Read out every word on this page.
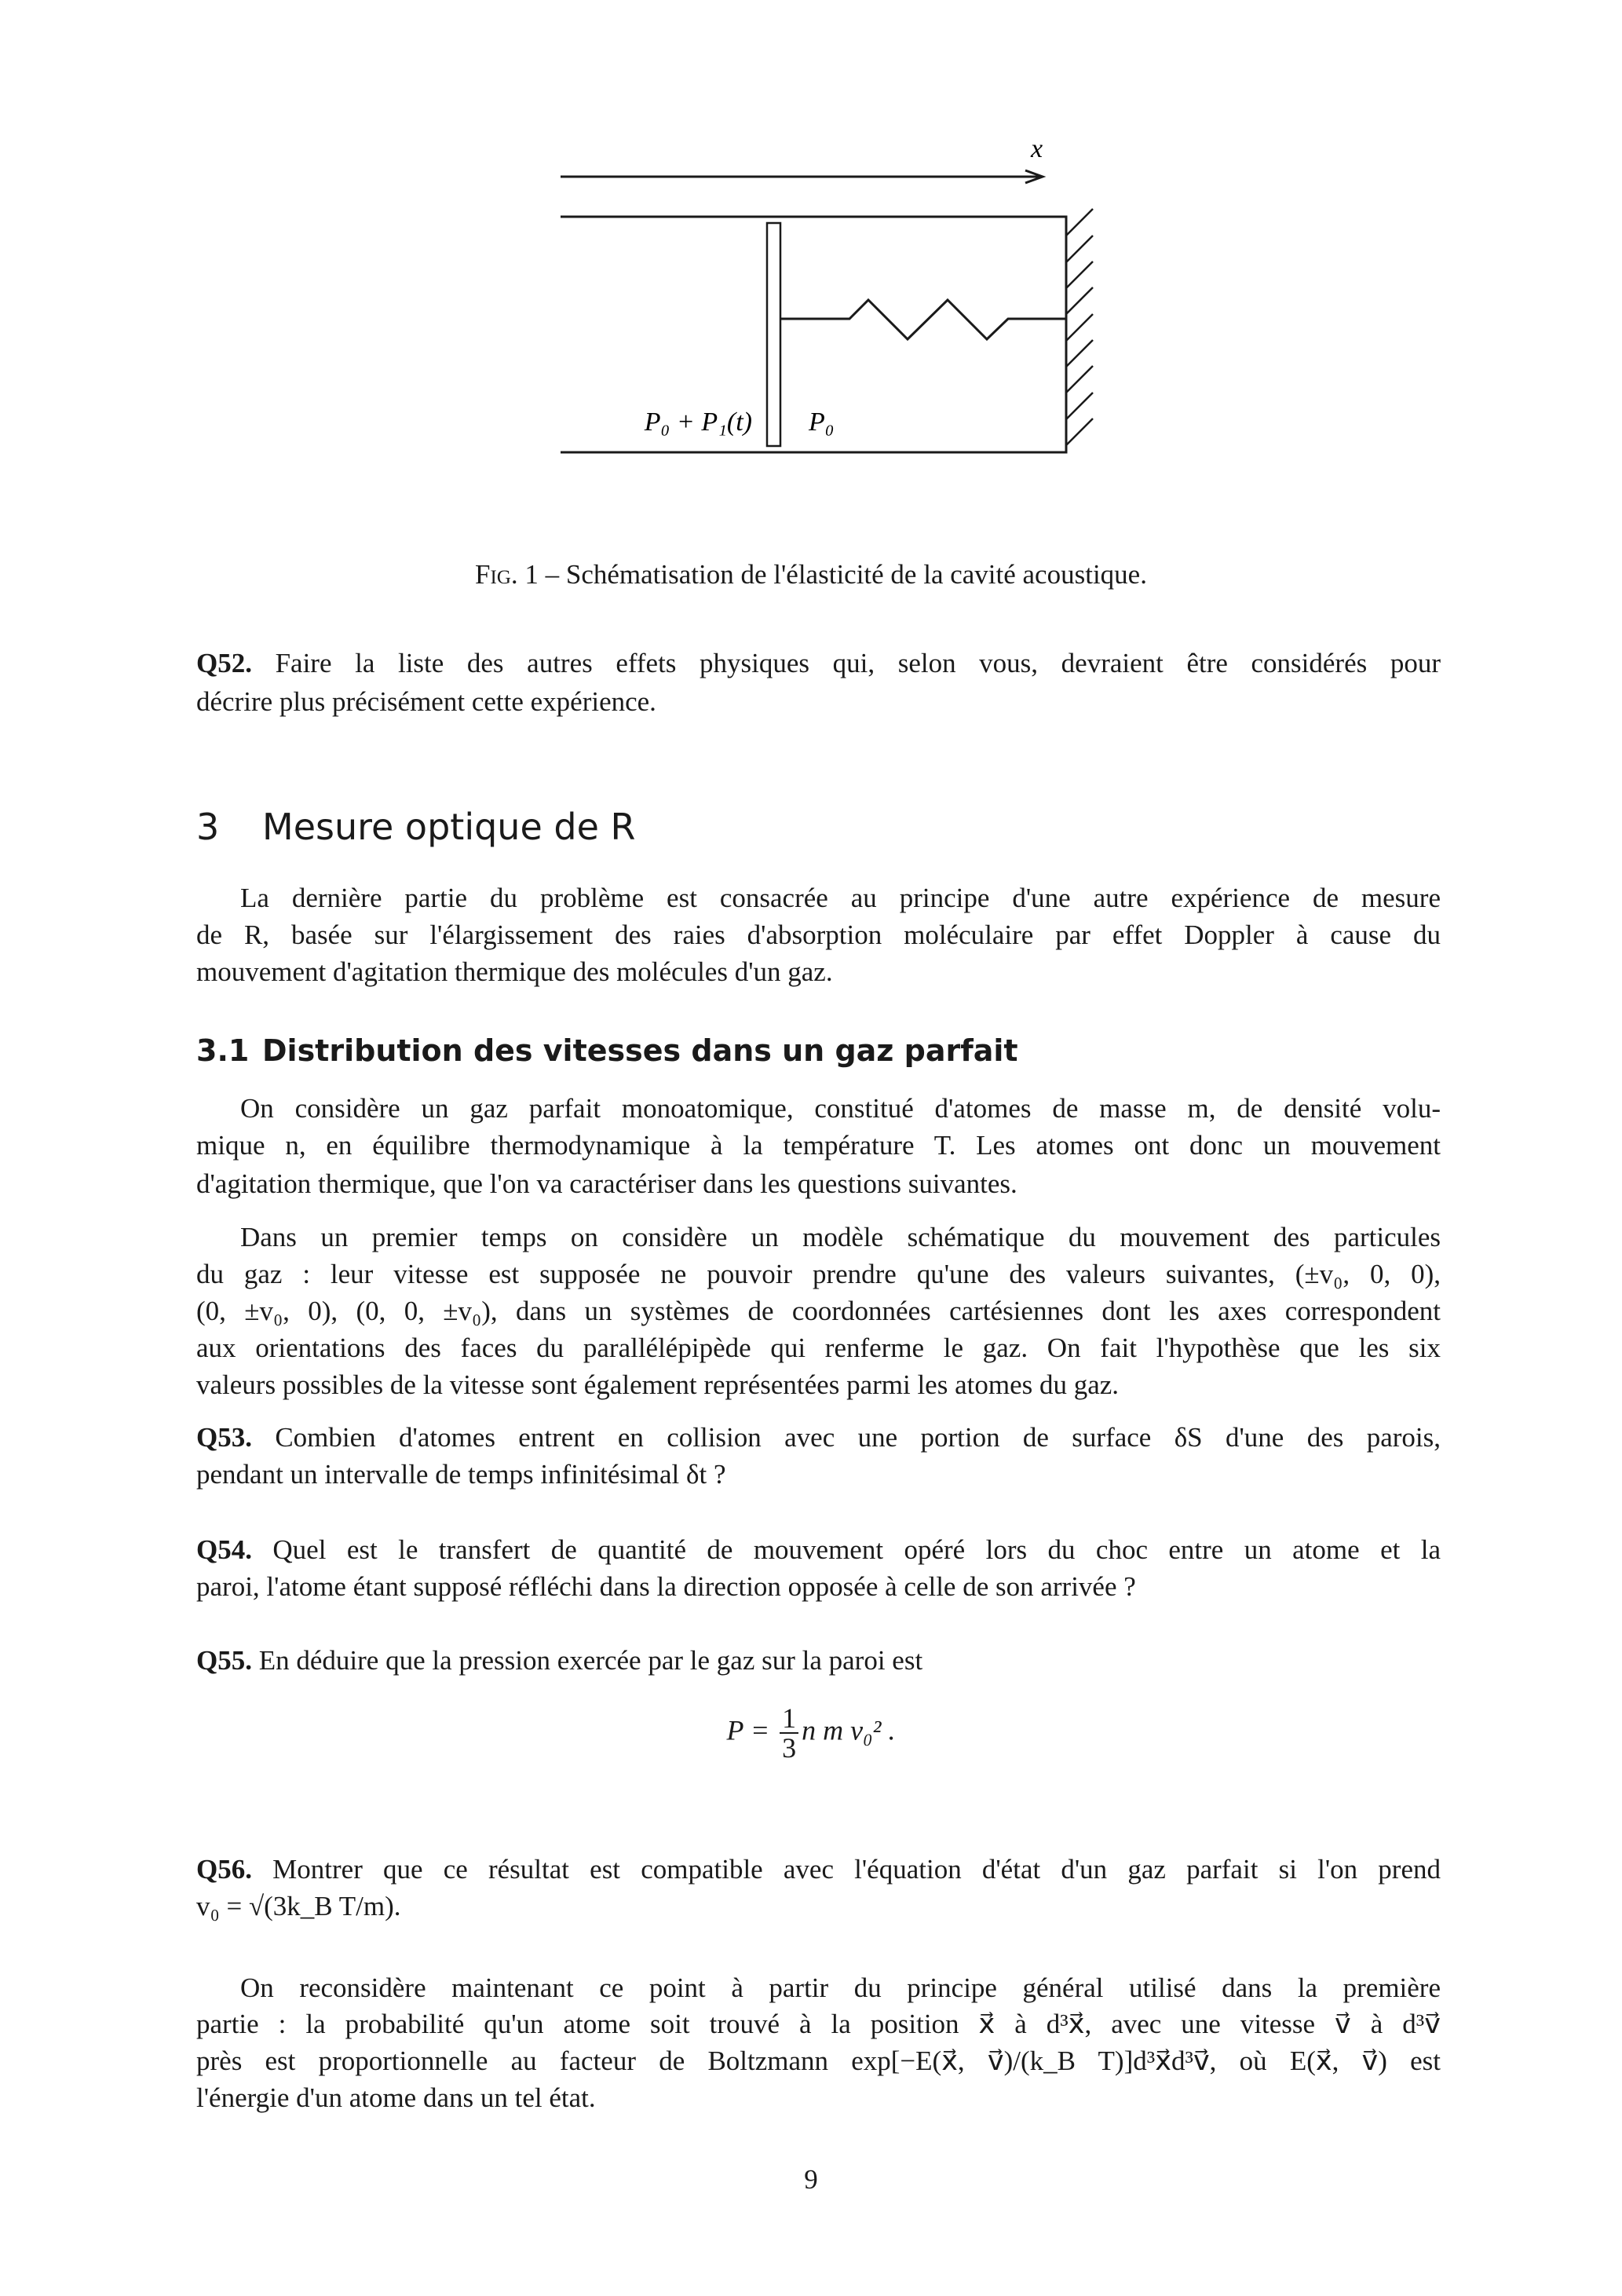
x
P₀ + P₁(t) P₀
Fig. 1 – Schématisation de l'élasticité de la cavité acoustique.
Q52. Faire la liste des autres effets physiques qui, selon vous, devraient être considérés pour
décrire plus précisément cette expérience.
3 Mesure optique de R
La dernière partie du problème est consacrée au principe d'une autre expérience de mesure
de R, basée sur l'élargissement des raies d'absorption moléculaire par effet Doppler à cause du
mouvement d'agitation thermique des molécules d'un gaz.
3.1 Distribution des vitesses dans un gaz parfait
On considère un gaz parfait monoatomique, constitué d'atomes de masse m, de densité volu-
mique n, en équilibre thermodynamique à la température T. Les atomes ont donc un mouvement
d'agitation thermique, que l'on va caractériser dans les questions suivantes.
Dans un premier temps on considère un modèle schématique du mouvement des particules
du gaz : leur vitesse est supposée ne pouvoir prendre qu'une des valeurs suivantes, (±v₀, 0, 0),
(0, ±v₀, 0), (0, 0, ±v₀), dans un systèmes de coordonnées cartésiennes dont les axes correspondent
aux orientations des faces du parallélépipède qui renferme le gaz. On fait l'hypothèse que les six
valeurs possibles de la vitesse sont également représentées parmi les atomes du gaz.
Q53. Combien d'atomes entrent en collision avec une portion de surface δS d'une des parois,
pendant un intervalle de temps infinitésimal δt ?
Q54. Quel est le transfert de quantité de mouvement opéré lors du choc entre un atome et la
paroi, l'atome étant supposé réfléchi dans la direction opposée à celle de son arrivée ?
Q55. En déduire que la pression exercée par le gaz sur la paroi est
$P = \frac{1}{3}$ n m v₀² .
Q56. Montrer que ce résultat est compatible avec l'équation d'état d'un gaz parfait si l'on prend
v₀ = √(3k_B T/m).
On reconsidère maintenant ce point à partir du principe général utilisé dans la première
partie : la probabilité qu'un atome soit trouvé à la position x⃗ à d³x⃗, avec une vitesse v⃗ à d³v⃗
près est proportionnelle au facteur de Boltzmann exp[−E(x⃗, v⃗)/(k_B T)]d³x⃗d³v⃗, où E(x⃗, v⃗) est
l'énergie d'un atome dans un tel état.
9
